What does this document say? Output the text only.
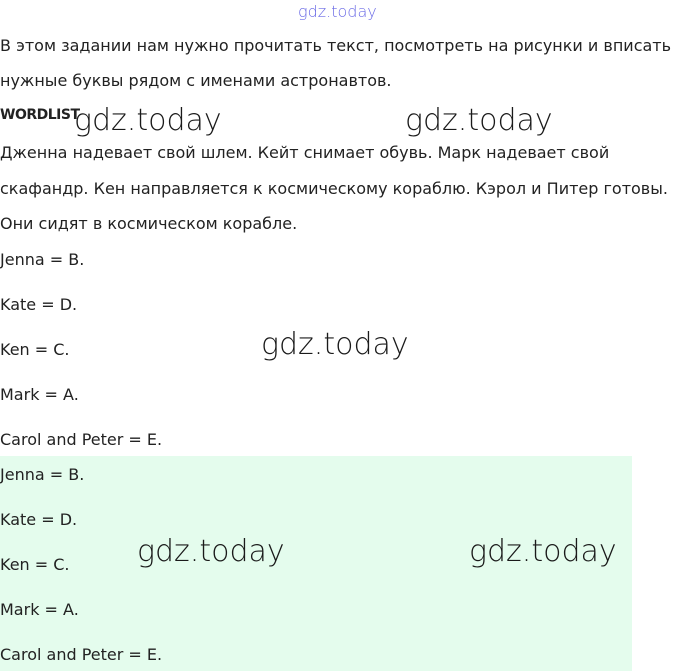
gdz.today
В этом задании нам нужно прочитать текст, посмотреть на рисунки и вписать
нужные буквы рядом с именами астронавтов.
WORDLIST
gdz.today	gdz.today
Дженна надевает свой шлем. Кейт снимает обувь. Марк надевает свой
скафандр. Кен направляется к космическому кораблю. Кэрол и Питер готовы.
Они сидят в космическом корабле.
Jenna = B.
Kate = D.
Ken = C.	gdz.today
Mark = A.
Carol and Peter = E.
Jenna = B.
Kate = D.
Ken = C. gdz.today	gdz.today
Mark = A.
Carol and Peter = E.
